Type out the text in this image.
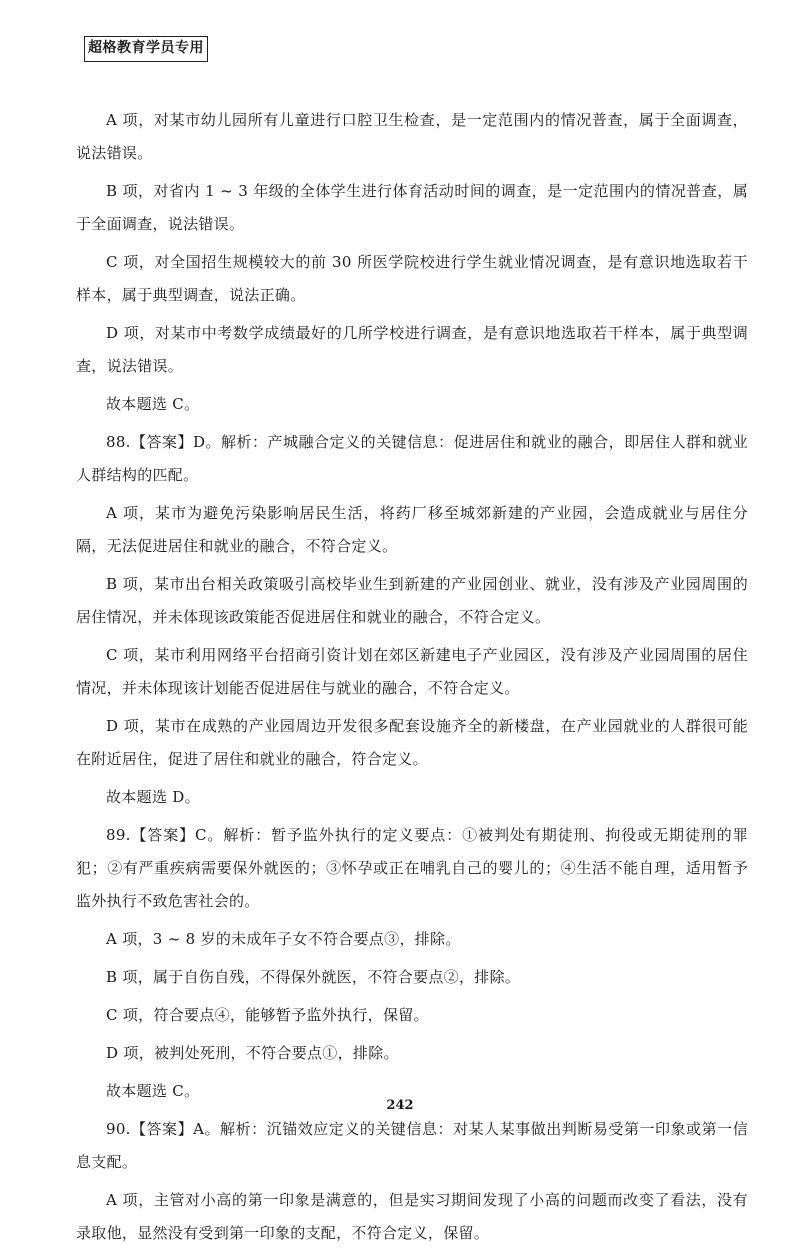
超格教育学员专用

A 项，对某市幼儿园所有儿童进行口腔卫生检查，是一定范围内的情况普查，属于全面调查，说法错误。

B 项，对省内 1 ~ 3 年级的全体学生进行体育活动时间的调查，是一定范围内的情况普查，属于全面调查，说法错误。

C 项，对全国招生规模较大的前 30 所医学院校进行学生就业情况调查，是有意识地选取若干样本，属于典型调查，说法正确。

D 项，对某市中考数学成绩最好的几所学校进行调查，是有意识地选取若干样本，属于典型调查，说法错误。

故本题选 C。

88.【答案】D。解析：产城融合定义的关键信息：促进居住和就业的融合，即居住人群和就业人群结构的匹配。

A 项，某市为避免污染影响居民生活，将药厂移至城郊新建的产业园，会造成就业与居住分隔，无法促进居住和就业的融合，不符合定义。

B 项，某市出台相关政策吸引高校毕业生到新建的产业园创业、就业，没有涉及产业园周围的居住情况，并未体现该政策能否促进居住和就业的融合，不符合定义。

C 项，某市利用网络平台招商引资计划在郊区新建电子产业园区，没有涉及产业园周围的居住情况，并未体现该计划能否促进居住与就业的融合，不符合定义。

D 项，某市在成熟的产业园周边开发很多配套设施齐全的新楼盘，在产业园就业的人群很可能在附近居住，促进了居住和就业的融合，符合定义。

故本题选 D。

89.【答案】C。解析：暂予监外执行的定义要点：①被判处有期徒刑、拘役或无期徒刑的罪犯；②有严重疾病需要保外就医的；③怀孕或正在哺乳自己的婴儿的；④生活不能自理，适用暂予监外执行不致危害社会的。

A 项，3 ~ 8 岁的未成年子女不符合要点③，排除。

B 项，属于自伤自残，不得保外就医，不符合要点②，排除。

C 项，符合要点④，能够暂予监外执行，保留。

D 项，被判处死刑，不符合要点①，排除。

故本题选 C。

90.【答案】A。解析：沉锚效应定义的关键信息：对某人某事做出判断易受第一印象或第一信息支配。

A 项，主管对小高的第一印象是满意的，但是实习期间发现了小高的问题而改变了看法，没有录取他，显然没有受到第一印象的支配，不符合定义，保留。

242
